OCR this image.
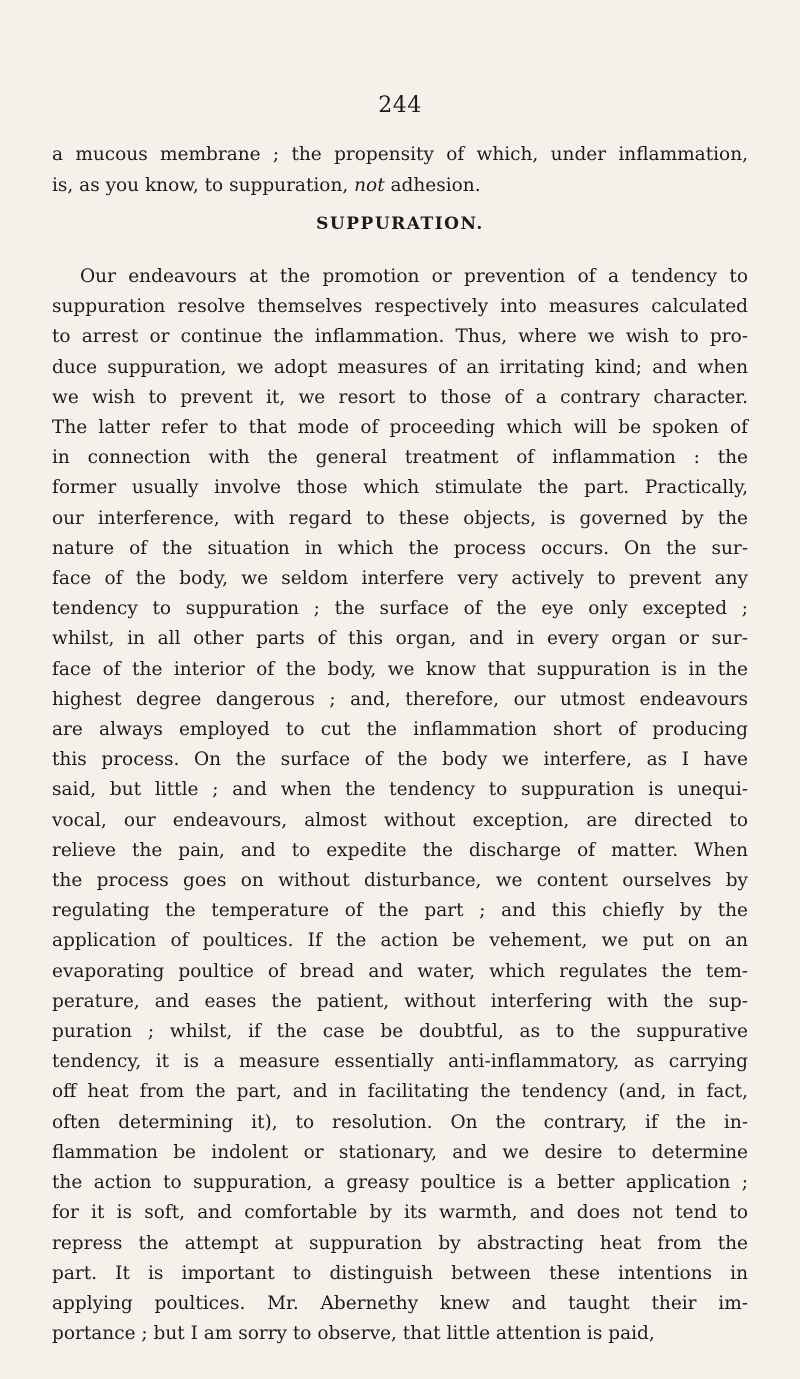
244
a mucous membrane ; the propensity of which, under inflammation,
is, as you know, to suppuration, not adhesion.
SUPPURATION.
Our endeavours at the promotion or prevention of a tendency to
suppuration resolve themselves respectively into measures calculated
to arrest or continue the inflammation. Thus, where we wish to pro-
duce suppuration, we adopt measures of an irritating kind; and when
we wish to prevent it, we resort to those of a contrary character.
The latter refer to that mode of proceeding which will be spoken of
in connection with the general treatment of inflammation : the
former usually involve those which stimulate the part. Practically,
our interference, with regard to these objects, is governed by the
nature of the situation in which the process occurs. On the sur-
face of the body, we seldom interfere very actively to prevent any
tendency to suppuration ; the surface of the eye only excepted ;
whilst, in all other parts of this organ, and in every organ or sur-
face of the interior of the body, we know that suppuration is in the
highest degree dangerous ; and, therefore, our utmost endeavours
are always employed to cut the inflammation short of producing
this process. On the surface of the body we interfere, as I have
said, but little ; and when the tendency to suppuration is unequi-
vocal, our endeavours, almost without exception, are directed to
relieve the pain, and to expedite the discharge of matter. When
the process goes on without disturbance, we content ourselves by
regulating the temperature of the part ; and this chiefly by the
application of poultices. If the action be vehement, we put on an
evaporating poultice of bread and water, which regulates the tem-
perature, and eases the patient, without interfering with the sup-
puration ; whilst, if the case be doubtful, as to the suppurative
tendency, it is a measure essentially anti-inflammatory, as carrying
off heat from the part, and in facilitating the tendency (and, in fact,
often determining it), to resolution. On the contrary, if the in-
flammation be indolent or stationary, and we desire to determine
the action to suppuration, a greasy poultice is a better application ;
for it is soft, and comfortable by its warmth, and does not tend to
repress the attempt at suppuration by abstracting heat from the
part. It is important to distinguish between these intentions in
applying poultices. Mr. Abernethy knew and taught their im-
portance ; but I am sorry to observe, that little attention is paid,
